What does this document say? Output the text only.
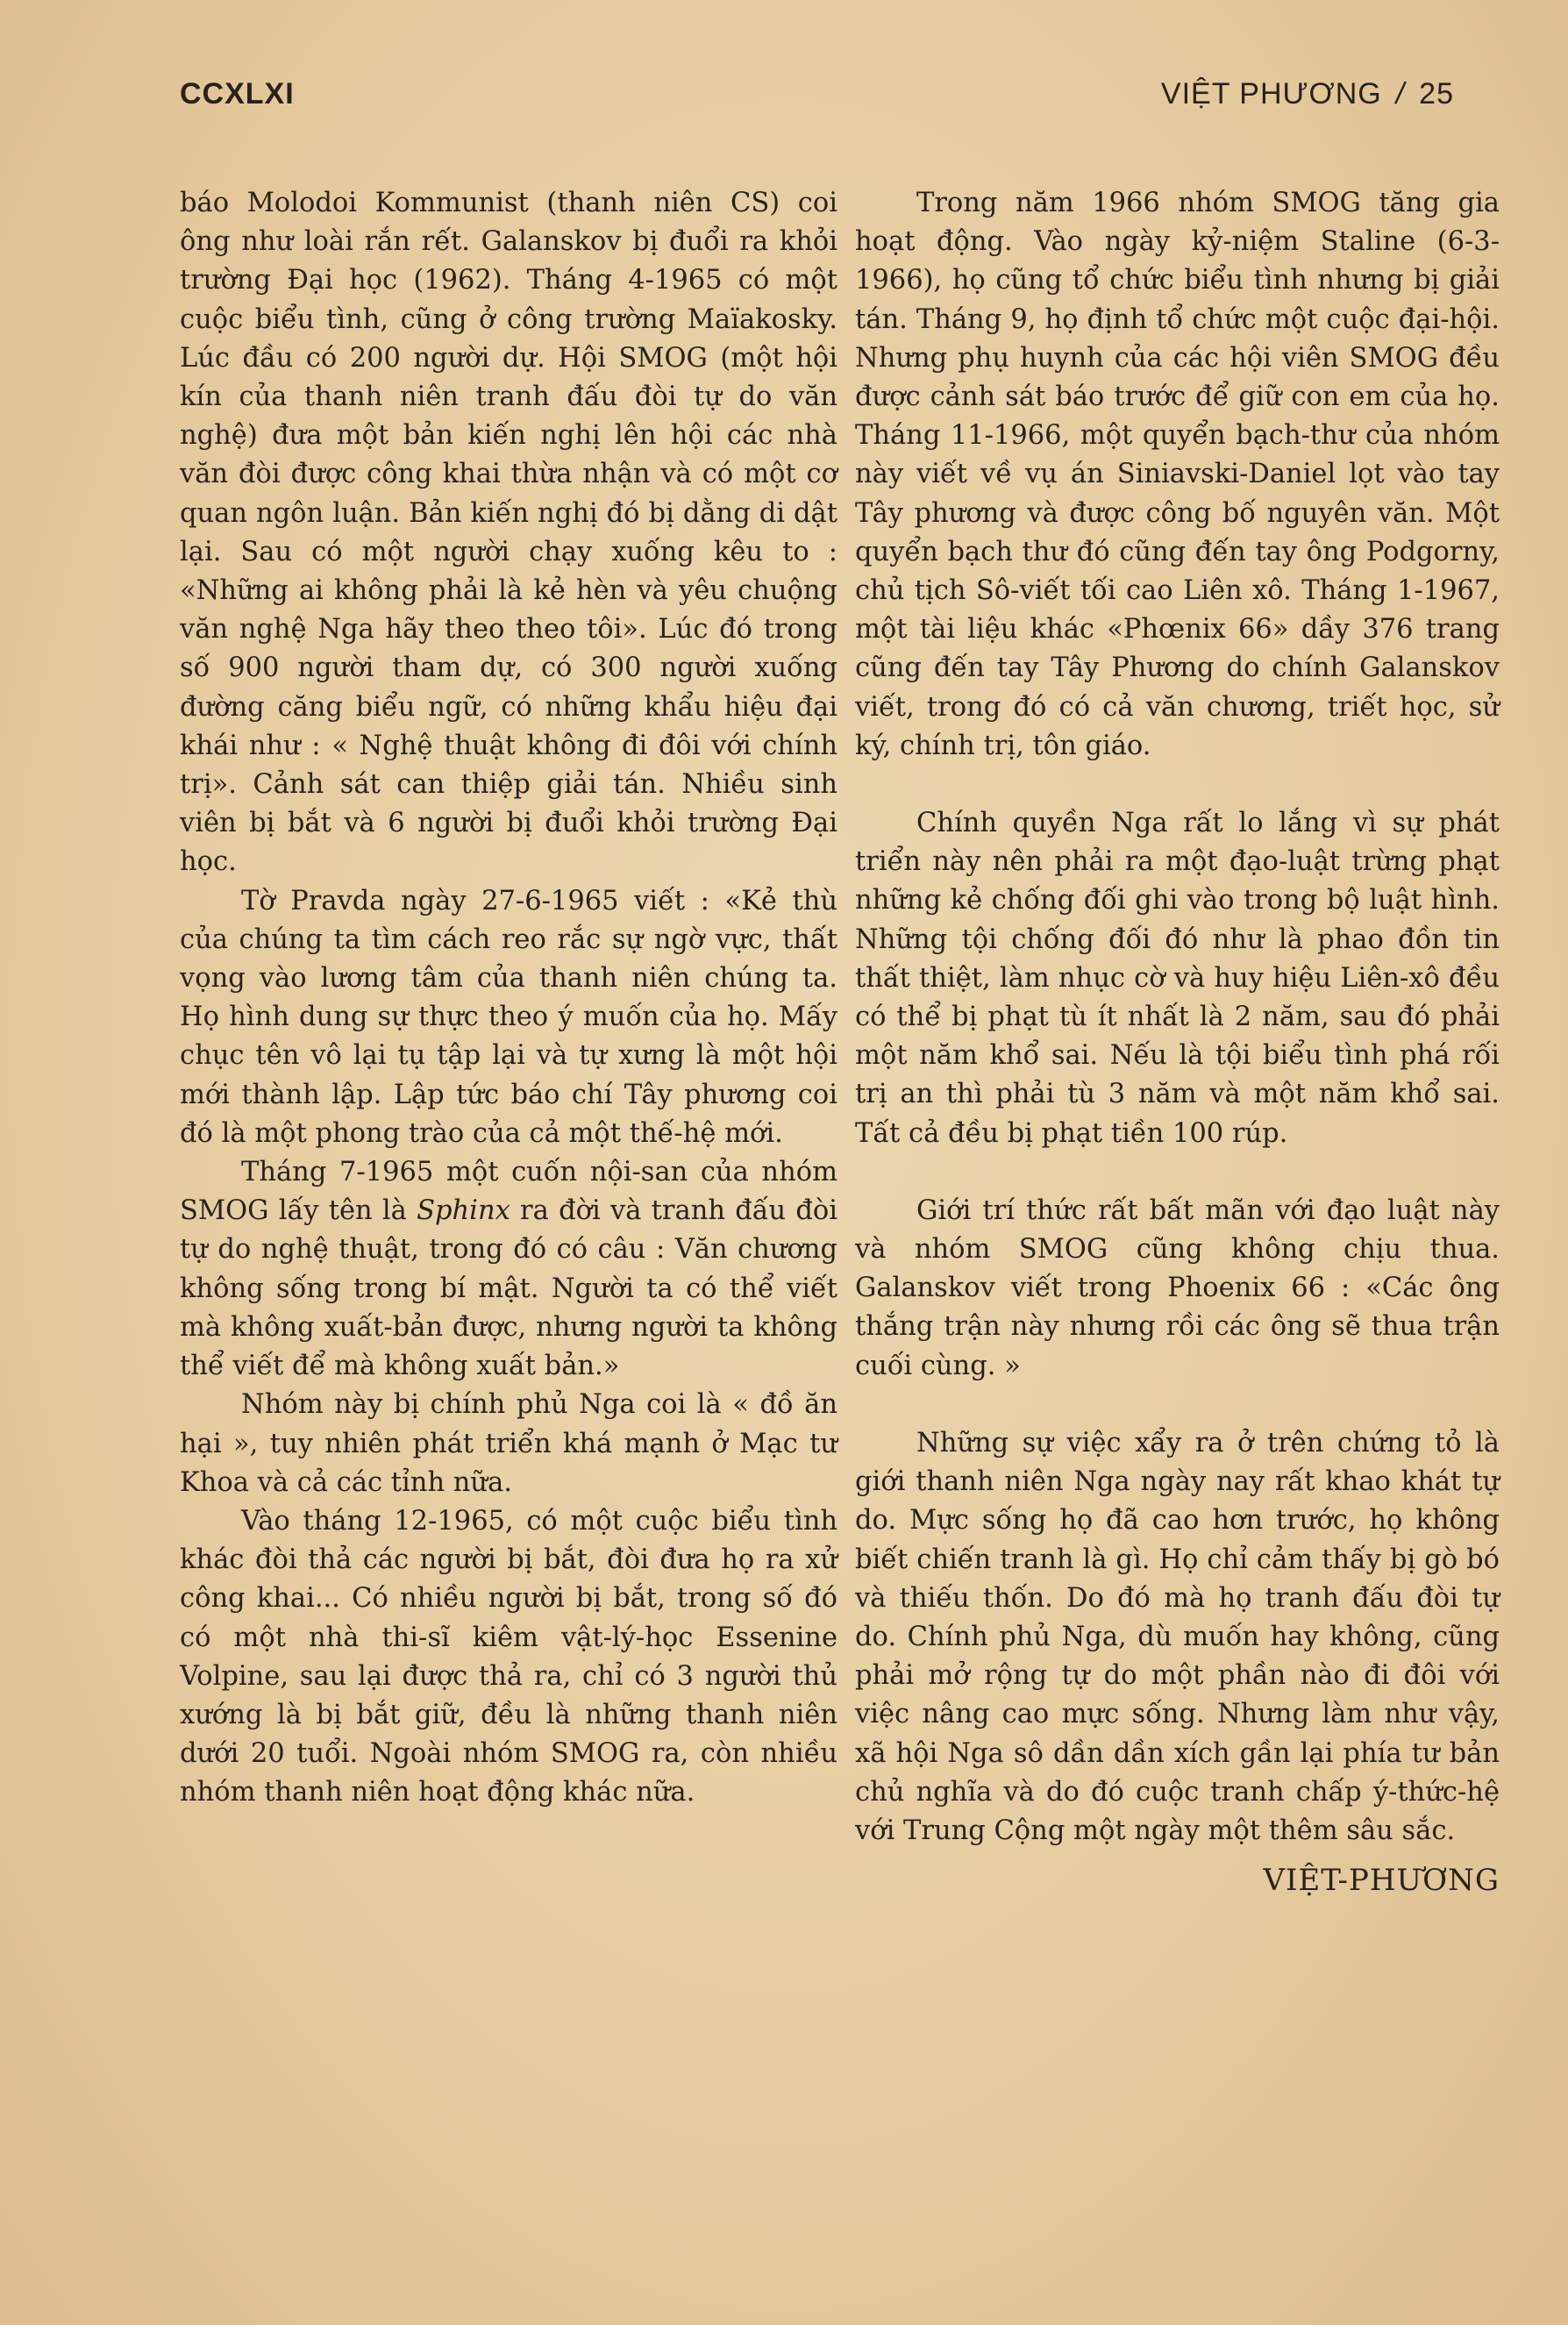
CCXLXI	VIỆT PHƯƠNG / 25

báo Molodoi Kommunist (thanh niên CS) coi ông như loài rắn rết. Galanskov bị đuổi ra khỏi trường Đại học (1962). Tháng 4-1965 có một cuộc biểu tình, cũng ở công trường Maïakosky. Lúc đầu có 200 người dự. Hội SMOG (một hội kín của thanh niên tranh đấu đòi tự do văn nghệ) đưa một bản kiến nghị lên hội các nhà văn đòi được công khai thừa nhận và có một cơ quan ngôn luận. Bản kiến nghị đó bị dằng di dật lại. Sau có một người chạy xuống kêu to : «Những ai không phải là kẻ hèn và yêu chuộng văn nghệ Nga hãy theo theo tôi». Lúc đó trong số 900 người tham dự, có 300 người xuống đường căng biểu ngữ, có những khẩu hiệu đại khái như : « Nghệ thuật không đi đôi với chính trị». Cảnh sát can thiệp giải tán. Nhiều sinh viên bị bắt và 6 người bị đuổi khỏi trường Đại học.

Tờ Pravda ngày 27-6-1965 viết : «Kẻ thù của chúng ta tìm cách reo rắc sự ngờ vực, thất vọng vào lương tâm của thanh niên chúng ta. Họ hình dung sự thực theo ý muốn của họ. Mấy chục tên vô lại tụ tập lại và tự xưng là một hội mới thành lập. Lập tức báo chí Tây phương coi đó là một phong trào của cả một thế-hệ mới.

Tháng 7-1965 một cuốn nội-san của nhóm SMOG lấy tên là Sphinx ra đời và tranh đấu đòi tự do nghệ thuật, trong đó có câu : Văn chương không sống trong bí mật. Người ta có thể viết mà không xuất-bản được, nhưng người ta không thể viết để mà không xuất bản.»

Nhóm này bị chính phủ Nga coi là « đồ ăn hại », tuy nhiên phát triển khá mạnh ở Mạc tư Khoa và cả các tỉnh nữa.

Vào tháng 12-1965, có một cuộc biểu tình khác đòi thả các người bị bắt, đòi đưa họ ra xử công khai... Có nhiều người bị bắt, trong số đó có một nhà thi-sĩ kiêm vật-lý-học Essenine Volpine, sau lại được thả ra, chỉ có 3 người thủ xướng là bị bắt giữ, đều là những thanh niên dưới 20 tuổi. Ngoài nhóm SMOG ra, còn nhiều nhóm thanh niên hoạt động khác nữa.

Trong năm 1966 nhóm SMOG tăng gia hoạt động. Vào ngày kỷ-niệm Staline (6-3-1966), họ cũng tổ chức biểu tình nhưng bị giải tán. Tháng 9, họ định tổ chức một cuộc đại-hội. Nhưng phụ huynh của các hội viên SMOG đều được cảnh sát báo trước để giữ con em của họ. Tháng 11-1966, một quyển bạch-thư của nhóm này viết về vụ án Siniavski-Daniel lọt vào tay Tây phương và được công bố nguyên văn. Một quyển bạch thư đó cũng đến tay ông Podgorny, chủ tịch Sô-viết tối cao Liên xô. Tháng 1-1967, một tài liệu khác «Phœnix 66» dầy 376 trang cũng đến tay Tây Phương do chính Galanskov viết, trong đó có cả văn chương, triết học, sử ký, chính trị, tôn giáo.

Chính quyền Nga rất lo lắng vì sự phát triển này nên phải ra một đạo-luật trừng phạt những kẻ chống đối ghi vào trong bộ luật hình. Những tội chống đối đó như là phao đồn tin thất thiệt, làm nhục cờ và huy hiệu Liên-xô đều có thể bị phạt tù ít nhất là 2 năm, sau đó phải một năm khổ sai. Nếu là tội biểu tình phá rối trị an thì phải tù 3 năm và một năm khổ sai. Tất cả đều bị phạt tiền 100 rúp.

Giới trí thức rất bất mãn với đạo luật này và nhóm SMOG cũng không chịu thua. Galanskov viết trong Phoenix 66 : «Các ông thắng trận này nhưng rồi các ông sẽ thua trận cuối cùng. »

Những sự việc xẩy ra ở trên chứng tỏ là giới thanh niên Nga ngày nay rất khao khát tự do. Mực sống họ đã cao hơn trước, họ không biết chiến tranh là gì. Họ chỉ cảm thấy bị gò bó và thiếu thốn. Do đó mà họ tranh đấu đòi tự do. Chính phủ Nga, dù muốn hay không, cũng phải mở rộng tự do một phần nào đi đôi với việc nâng cao mực sống. Nhưng làm như vậy, xã hội Nga sô dần dần xích gần lại phía tư bản chủ nghĩa và do đó cuộc tranh chấp ý-thức-hệ với Trung Cộng một ngày một thêm sâu sắc.

VIỆT-PHƯƠNG
